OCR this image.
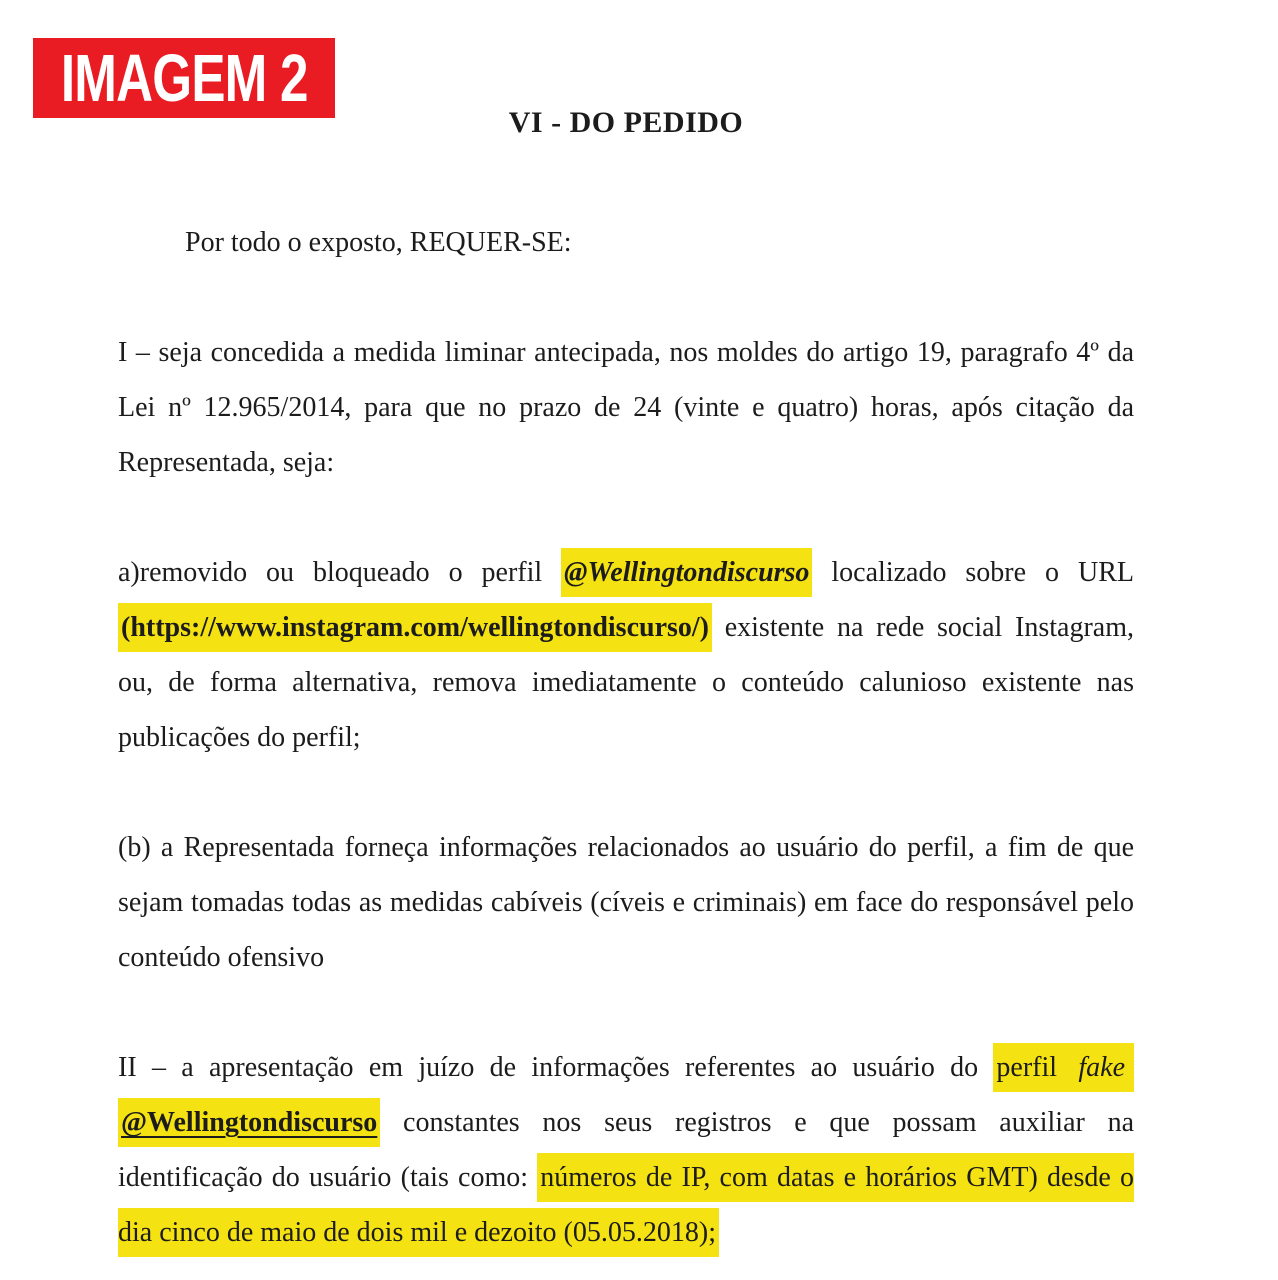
IMAGEM 2
VI - DO PEDIDO

Por todo o exposto, REQUER-SE:

I – seja concedida a medida liminar antecipada, nos moldes do artigo 19, paragrafo 4º da Lei nº 12.965/2014, para que no prazo de 24 (vinte e quatro) horas, após citação da Representada, seja:

a)removido ou bloqueado o perfil @Wellingtondiscurso localizado sobre o URL (https://www.instagram.com/wellingtondiscurso/) existente na rede social Instagram, ou, de forma alternativa, remova imediatamente o conteúdo calunioso existente nas publicações do perfil;

(b) a Representada forneça informações relacionados ao usuário do perfil, a fim de que sejam tomadas todas as medidas cabíveis (cíveis e criminais) em face do responsável pelo conteúdo ofensivo

II – a apresentação em juízo de informações referentes ao usuário do perfil fake @Wellingtondiscurso constantes nos seus registros e que possam auxiliar na identificação do usuário (tais como: números de IP, com datas e horários GMT) desde o dia cinco de maio de dois mil e dezoito (05.05.2018);
